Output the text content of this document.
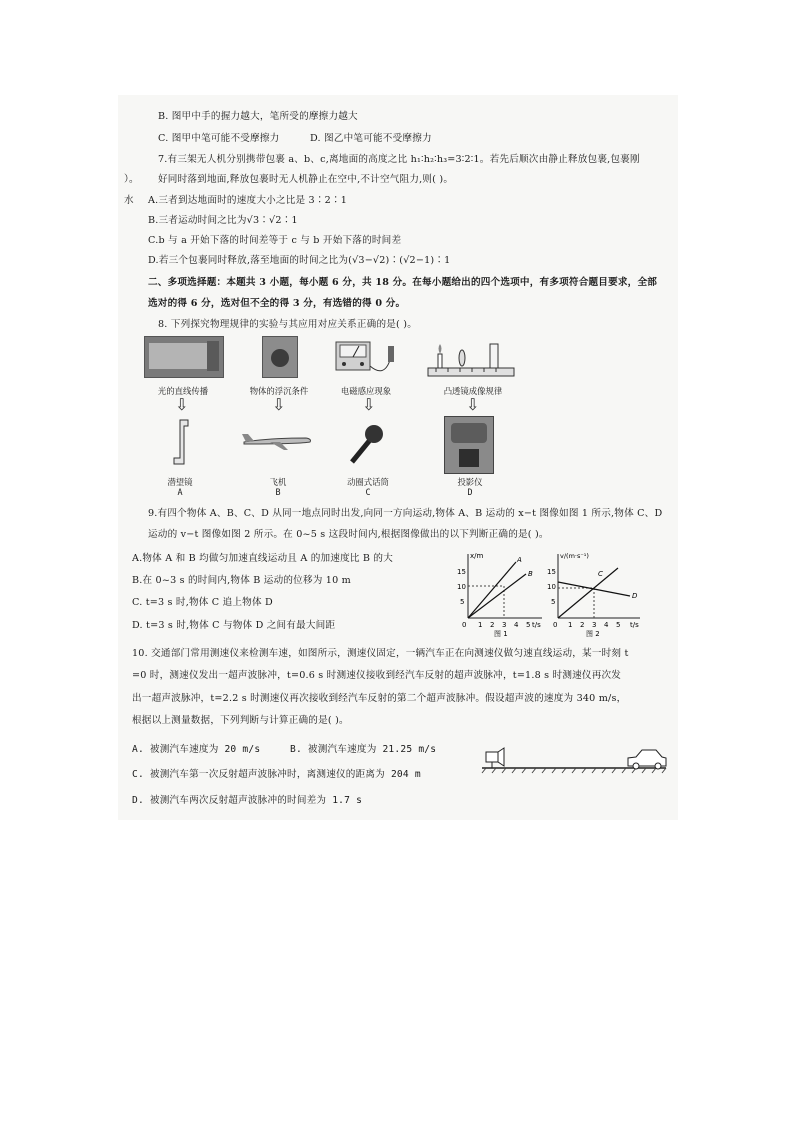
B. 图甲中手的握力越大，笔所受的摩擦力越大
C. 图甲中笔可能不受摩擦力	D. 图乙中笔可能不受摩擦力
7.有三架无人机分别携带包裹 a、b、c,离地面的高度之比 h₁∶h₂∶h₃=3∶2∶1。若先后顺次由静止释放包裹,包裹刚
）。 好同时落到地面,释放包裹时无人机静止在空中,不计空气阻力,则( )。
水 A.三者到达地面时的速度大小之比是 3∶2∶1
B.三者运动时间之比为√3∶√2∶1
C.b 与 a 开始下落的时间差等于 c 与 b 开始下落的时间差
D.若三个包裹同时释放,落至地面的时间之比为(√3−√2)∶(√2−1)∶1
二、多项选择题：本题共 3 小题，每小题 6 分，共 18 分。在每小题给出的四个选项中，有多项符合题目要求，全部
选对的得 6 分，选对但不全的得 3 分，有选错的得 0 分。
8. 下列探究物理规律的实验与其应用对应关系正确的是( )。
光的直线传播	物体的浮沉条件	电磁感应现象	凸透镜成像规律
⇩	⇩	⇩	⇩
潜望镜	飞机	动圈式话筒	投影仪
A	B	C	D
9.有四个物体 A、B、C、D 从同一地点同时出发,向同一方向运动,物体 A、B 运动的 x−t 图像如图 1 所示,物体 C、D
运动的 v−t 图像如图 2 所示。在 0~5 s 这段时间内,根据图像做出的以下判断正确的是( )。
A.物体 A 和 B 均做匀加速直线运动且 A 的加速度比 B 的大
B.在 0~3 s 的时间内,物体 B 运动的位移为 10 m
C. t=3 s 时,物体 C 追上物体 D
D. t=3 s 时,物体 C 与物体 D 之间有最大间距
x/m
t/s
0
5
10
15
1 2 3 4 5
A
B
图 1
v/(m·s⁻¹)
t/s
0
5
10
15
1 2 3 4 5
C
D
图 2
10. 交通部门常用测速仪来检测车速，如图所示，测速仪固定，一辆汽车正在向测速仪做匀速直线运动，某一时刻 t
=0 时，测速仪发出一超声波脉冲，t=0.6 s 时测速仪接收到经汽车反射的超声波脉冲，t=1.8 s 时测速仪再次发
出一超声波脉冲，t=2.2 s 时测速仪再次接收到经汽车反射的第二个超声波脉冲。假设超声波的速度为 340 m/s，
根据以上测量数据，下列判断与计算正确的是( )。
A. 被测汽车速度为 20 m/s	B. 被测汽车速度为 21.25 m/s
C. 被测汽车第一次反射超声波脉冲时，离测速仪的距离为 204 m
D. 被测汽车两次反射超声波脉冲的时间差为 1.7 s
